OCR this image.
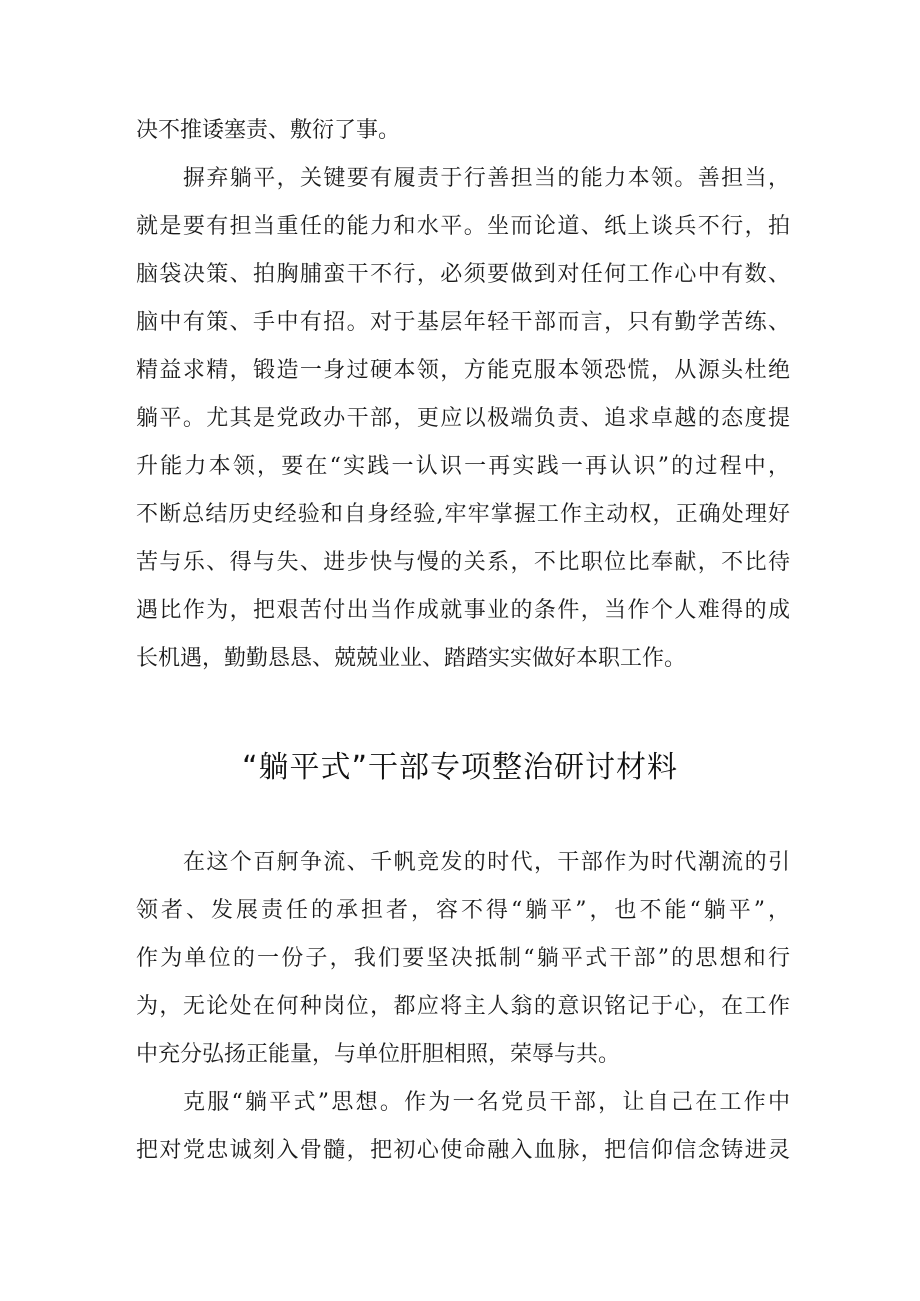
决不推诿塞责、敷衍了事。
摒弃躺平，关键要有履责于行善担当的能力本领。善担当，
就是要有担当重任的能力和水平。坐而论道、纸上谈兵不行，拍
脑袋决策、拍胸脯蛮干不行，必须要做到对任何工作心中有数、
脑中有策、手中有招。对于基层年轻干部而言，只有勤学苦练、
精益求精，锻造一身过硬本领，方能克服本领恐慌，从源头杜绝
躺平。尤其是党政办干部，更应以极端负责、追求卓越的态度提
升能力本领，要在“实践一认识一再实践一再认识”的过程中，
不断总结历史经验和自身经验,牢牢掌握工作主动权，正确处理好
苦与乐、得与失、进步快与慢的关系，不比职位比奉献，不比待
遇比作为，把艰苦付出当作成就事业的条件，当作个人难得的成
长机遇，勤勤恳恳、兢兢业业、踏踏实实做好本职工作。
“躺平式”干部专项整治研讨材料
在这个百舸争流、千帆竞发的时代，干部作为时代潮流的引
领者、发展责任的承担者，容不得“躺平”，也不能“躺平”，
作为单位的一份子，我们要坚决抵制“躺平式干部”的思想和行
为，无论处在何种岗位，都应将主人翁的意识铭记于心，在工作
中充分弘扬正能量，与单位肝胆相照，荣辱与共。
克服“躺平式”思想。作为一名党员干部，让自己在工作中
把对党忠诚刻入骨髓，把初心使命融入血脉，把信仰信念铸进灵
